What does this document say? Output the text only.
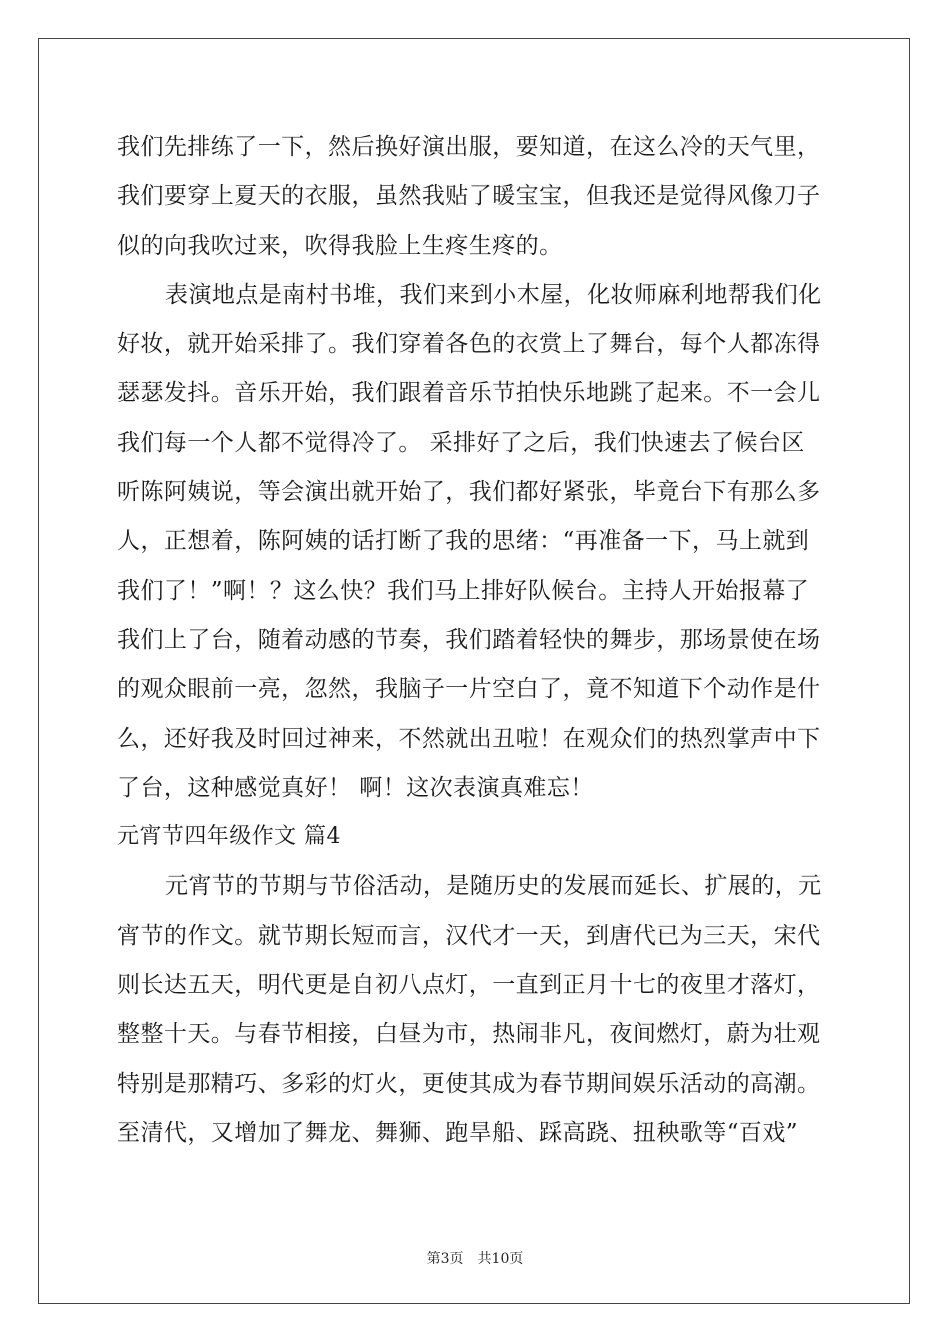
我们先排练了一下，然后换好演出服，要知道，在这么冷的天气里，
我们要穿上夏天的衣服，虽然我贴了暖宝宝，但我还是觉得风像刀子
似的向我吹过来，吹得我脸上生疼生疼的。
表演地点是南村书堆，我们来到小木屋，化妆师麻利地帮我们化
好妆，就开始采排了。我们穿着各色的衣赏上了舞台，每个人都冻得
瑟瑟发抖。音乐开始，我们跟着音乐节拍快乐地跳了起来。不一会儿
我们每一个人都不觉得冷了。 采排好了之后，我们快速去了候台区
听陈阿姨说，等会演出就开始了，我们都好紧张，毕竟台下有那么多
人，正想着，陈阿姨的话打断了我的思绪：“再准备一下，马上就到
我们了！”啊！？这么快？我们马上排好队候台。主持人开始报幕了
我们上了台，随着动感的节奏，我们踏着轻快的舞步，那场景使在场
的观众眼前一亮，忽然，我脑子一片空白了，竟不知道下个动作是什
么，还好我及时回过神来，不然就出丑啦！在观众们的热烈掌声中下
了台，这种感觉真好！ 啊！这次表演真难忘！
元宵节四年级作文 篇4
元宵节的节期与节俗活动，是随历史的发展而延长、扩展的，元
宵节的作文。就节期长短而言，汉代才一天，到唐代已为三天，宋代
则长达五天，明代更是自初八点灯，一直到正月十七的夜里才落灯，
整整十天。与春节相接，白昼为市，热闹非凡，夜间燃灯，蔚为壮观
特别是那精巧、多彩的灯火，更使其成为春节期间娱乐活动的高潮。
至清代，又增加了舞龙、舞狮、跑旱船、踩高跷、扭秧歌等“百戏”
第3页 共10页
